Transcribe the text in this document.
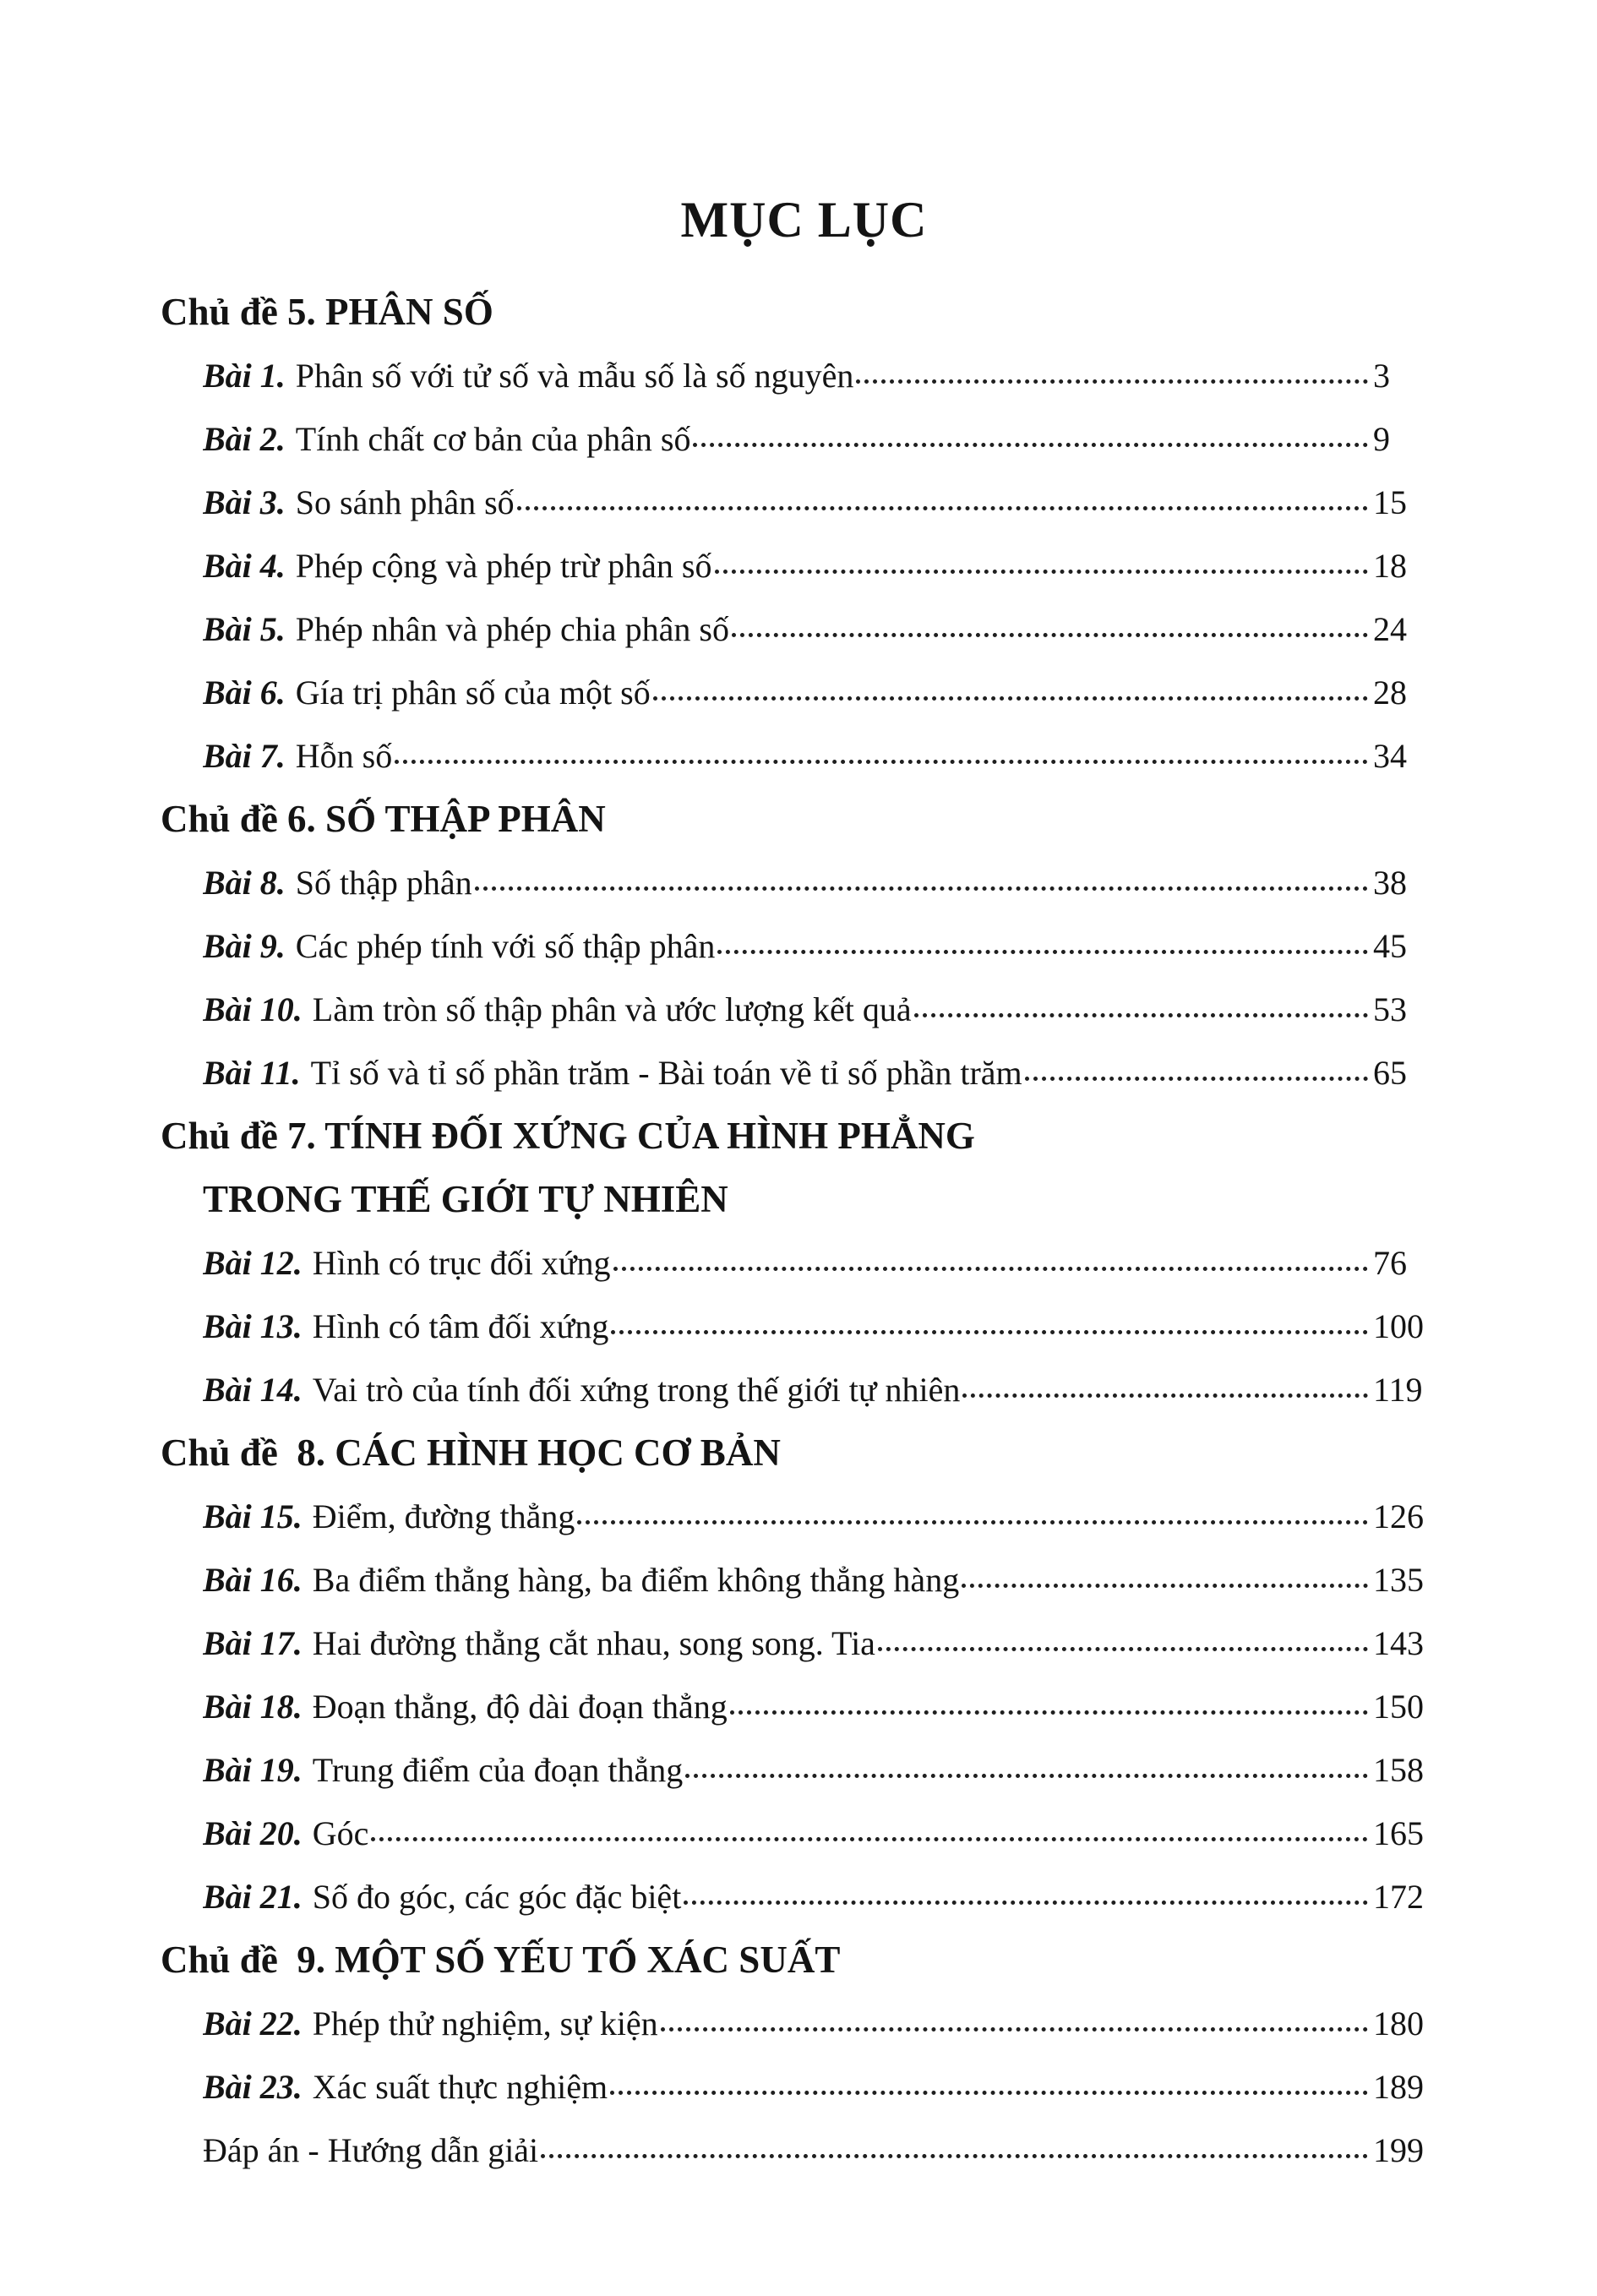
MỤC LỤC
Chủ đề 5. PHÂN SỐ
Bài 1. Phân số với tử số và mẫu số là số nguyên	3
Bài 2. Tính chất cơ bản của phân số	9
Bài 3. So sánh phân số	15
Bài 4. Phép cộng và phép trừ phân số	18
Bài 5. Phép nhân và phép chia phân số	24
Bài 6. Gía trị phân số của một số	28
Bài 7. Hỗn số	34
Chủ đề 6. SỐ THẬP PHÂN
Bài 8. Số thập phân	38
Bài 9. Các phép tính với số thập phân	45
Bài 10. Làm tròn số thập phân và ước lượng kết quả	53
Bài 11. Tỉ số và tỉ số phần trăm - Bài toán về tỉ số phần trăm	65
Chủ đề 7. TÍNH ĐỐI XỨNG CỦA HÌNH PHẲNG
TRONG THẾ GIỚI TỰ NHIÊN
Bài 12. Hình có trục đối xứng	76
Bài 13. Hình có tâm đối xứng	100
Bài 14. Vai trò của tính đối xứng trong thế giới tự nhiên	119
Chủ đề  8. CÁC HÌNH HỌC CƠ BẢN
Bài 15. Điểm, đường thẳng	126
Bài 16. Ba điểm thẳng hàng, ba điểm không thẳng hàng	135
Bài 17. Hai đường thẳng cắt nhau, song song. Tia	143
Bài 18. Đoạn thẳng, độ dài đoạn thẳng	150
Bài 19. Trung điểm của đoạn thẳng	158
Bài 20. Góc	165
Bài 21. Số đo góc, các góc đặc biệt	172
Chủ đề  9. MỘT SỐ YẾU TỐ XÁC SUẤT
Bài 22. Phép thử nghiệm, sự kiện	180
Bài 23. Xác suất thực nghiệm	189
Đáp án - Hướng dẫn giải	199
